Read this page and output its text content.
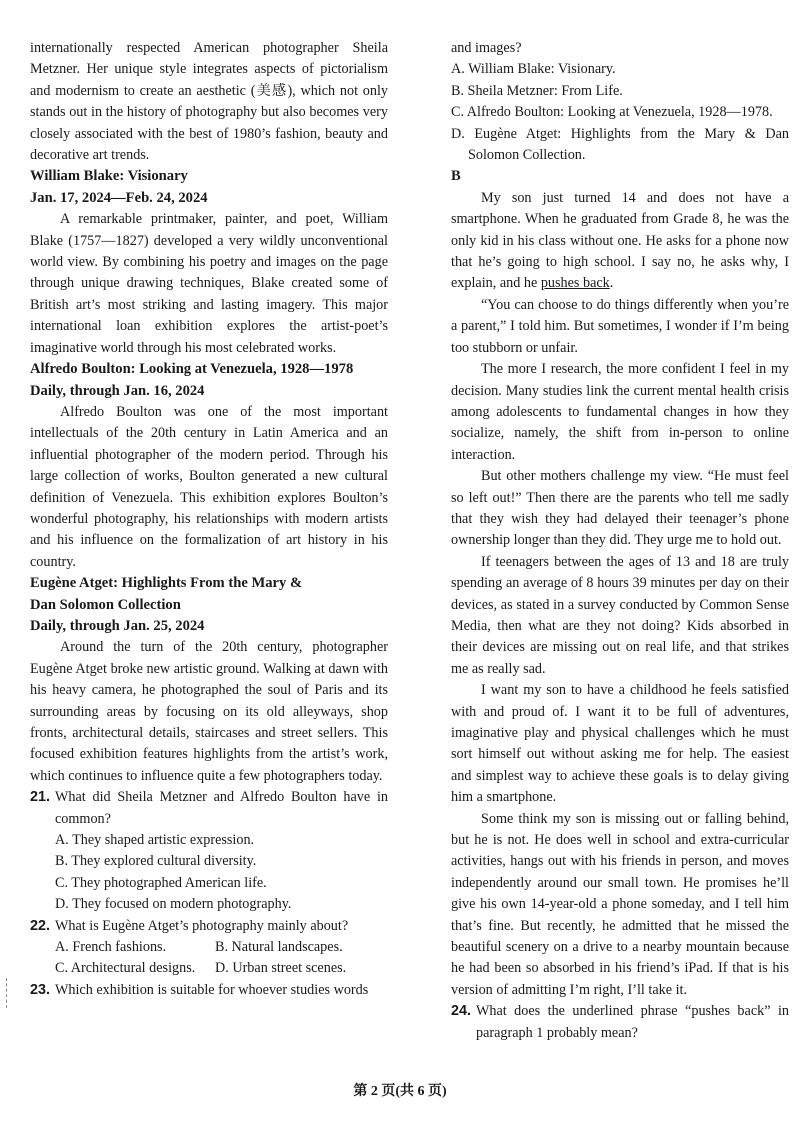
internationally respected American photographer Sheila Metzner. Her unique style integrates aspects of pictorialism and modernism to create an aesthetic (美感), which not only stands out in the history of photography but also becomes very closely associated with the best of 1980’s fashion, beauty and decorative art trends.

William Blake: Visionary

Jan. 17, 2024—Feb. 24, 2024

A remarkable printmaker, painter, and poet, William Blake (1757—1827) developed a very wildly unconventional world view. By combining his poetry and images on the page through unique drawing techniques, Blake created some of British art’s most striking and lasting imagery. This major international loan exhibition explores the artist-poet’s imaginative world through his most celebrated works.

Alfredo Boulton: Looking at Venezuela, 1928—1978

Daily, through Jan. 16, 2024

Alfredo Boulton was one of the most important intellectuals of the 20th century in Latin America and an influential photographer of the modern period. Through his large collection of works, Boulton generated a new cultural definition of Venezuela. This exhibition explores Boulton’s wonderful photography, his relationships with modern artists and his influence on the formalization of art history in his country.

Eugène Atget: Highlights From the Mary &
Dan Solomon Collection

Daily, through Jan. 25, 2024

Around the turn of the 20th century, photographer Eugène Atget broke new artistic ground. Walking at dawn with his heavy camera, he photographed the soul of Paris and its surrounding areas by focusing on its old alleyways, shop fronts, architectural details, staircases and street sellers. This focused exhibition features highlights from the artist’s work, which continues to influence quite a few photographers today.

21. What did Sheila Metzner and Alfredo Boulton have in common?

A. They shaped artistic expression.

B. They explored cultural diversity.

C. They photographed American life.

D. They focused on modern photography.

22. What is Eugène Atget’s photography mainly about?

A. French fashions.	B. Natural landscapes.
C. Architectural designs.	D. Urban street scenes.

23. Which exhibition is suitable for whoever studies words

and images?

A. William Blake: Visionary.

B. Sheila Metzner: From Life.

C. Alfredo Boulton: Looking at Venezuela, 1928—1978.

D. Eugène Atget: Highlights from the Mary & Dan Solomon Collection.

B

My son just turned 14 and does not have a smartphone. When he graduated from Grade 8, he was the only kid in his class without one. He asks for a phone now that he’s going to high school. I say no, he asks why, I explain, and he pushes back.

“You can choose to do things differently when you’re a parent,” I told him. But sometimes, I wonder if I’m being too stubborn or unfair.

The more I research, the more confident I feel in my decision. Many studies link the current mental health crisis among adolescents to fundamental changes in how they socialize, namely, the shift from in-person to online interaction.

But other mothers challenge my view. “He must feel so left out!” Then there are the parents who tell me sadly that they wish they had delayed their teenager’s phone ownership longer than they did. They urge me to hold out.

If teenagers between the ages of 13 and 18 are truly spending an average of 8 hours 39 minutes per day on their devices, as stated in a survey conducted by Common Sense Media, then what are they not doing? Kids absorbed in their devices are missing out on real life, and that strikes me as really sad.

I want my son to have a childhood he feels satisfied with and proud of. I want it to be full of adventures, imaginative play and physical challenges which he must sort himself out without asking me for help. The easiest and simplest way to achieve these goals is to delay giving him a smartphone.

Some think my son is missing out or falling behind, but he is not. He does well in school and extra-curricular activities, hangs out with his friends in person, and moves independently around our small town. He promises he’ll give his own 14-year-old a phone someday, and I tell him that’s fine. But recently, he admitted that he missed the beautiful scenery on a drive to a nearby mountain because he had been so absorbed in his friend’s iPad. If that is his version of admitting I’m right, I’ll take it.

24. What does the underlined phrase “pushes back” in paragraph 1 probably mean?

第 2 页(共 6 页)
